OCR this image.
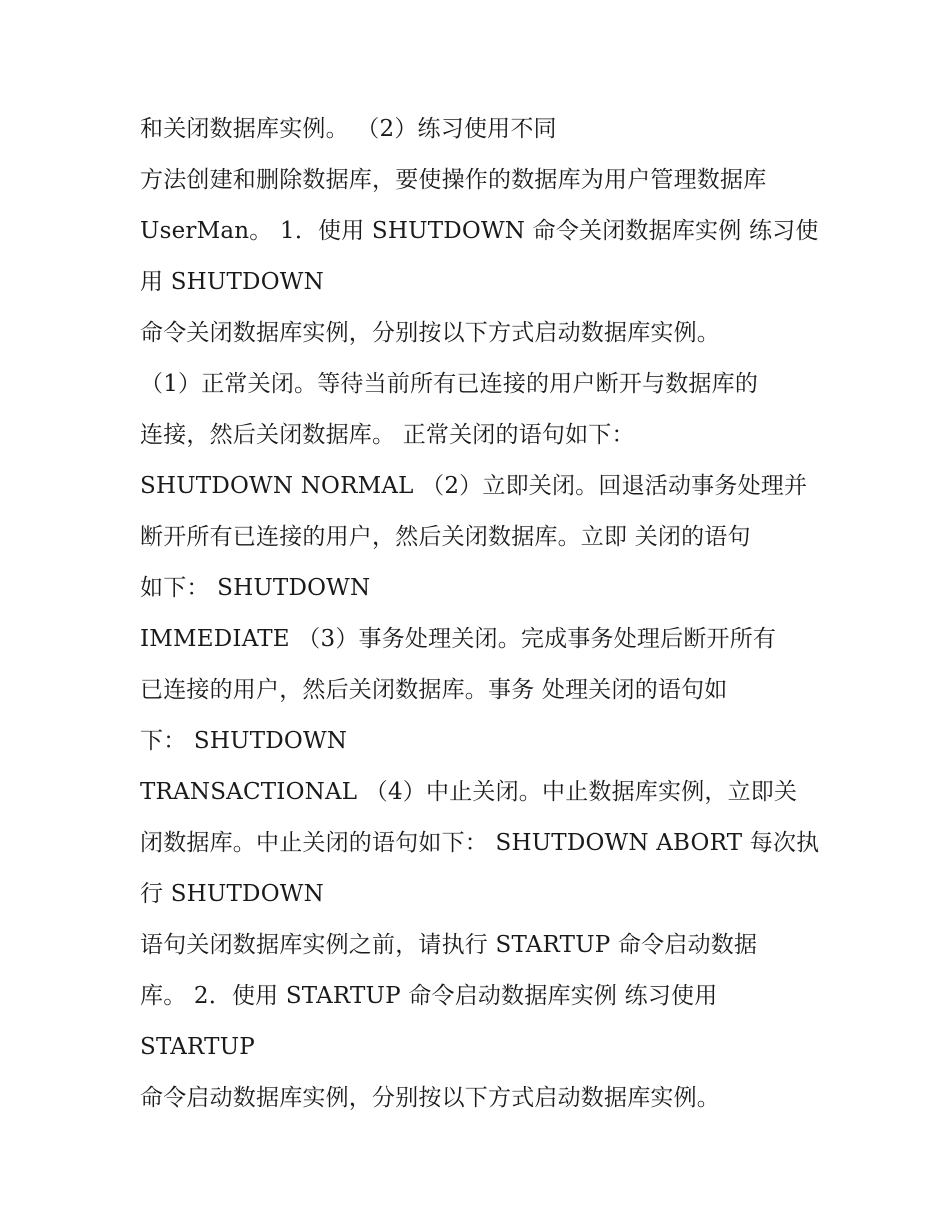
和关闭数据库实例。 （2）练习使用不同
方法创建和删除数据库，要使操作的数据库为用户管理数据库
UserMan。 1．使用 SHUTDOWN 命令关闭数据库实例 练习使
用 SHUTDOWN
命令关闭数据库实例，分别按以下方式启动数据库实例。
（1）正常关闭。等待当前所有已连接的用户断开与数据库的
连接，然后关闭数据库。 正常关闭的语句如下：
SHUTDOWN NORMAL （2）立即关闭。回退活动事务处理并
断开所有已连接的用户，然后关闭数据库。立即 关闭的语句
如下： SHUTDOWN
IMMEDIATE （3）事务处理关闭。完成事务处理后断开所有
已连接的用户，然后关闭数据库。事务 处理关闭的语句如
下： SHUTDOWN
TRANSACTIONAL （4）中止关闭。中止数据库实例，立即关
闭数据库。中止关闭的语句如下： SHUTDOWN ABORT 每次执
行 SHUTDOWN
语句关闭数据库实例之前，请执行 STARTUP 命令启动数据
库。 2．使用 STARTUP 命令启动数据库实例 练习使用
STARTUP
命令启动数据库实例，分别按以下方式启动数据库实例。
